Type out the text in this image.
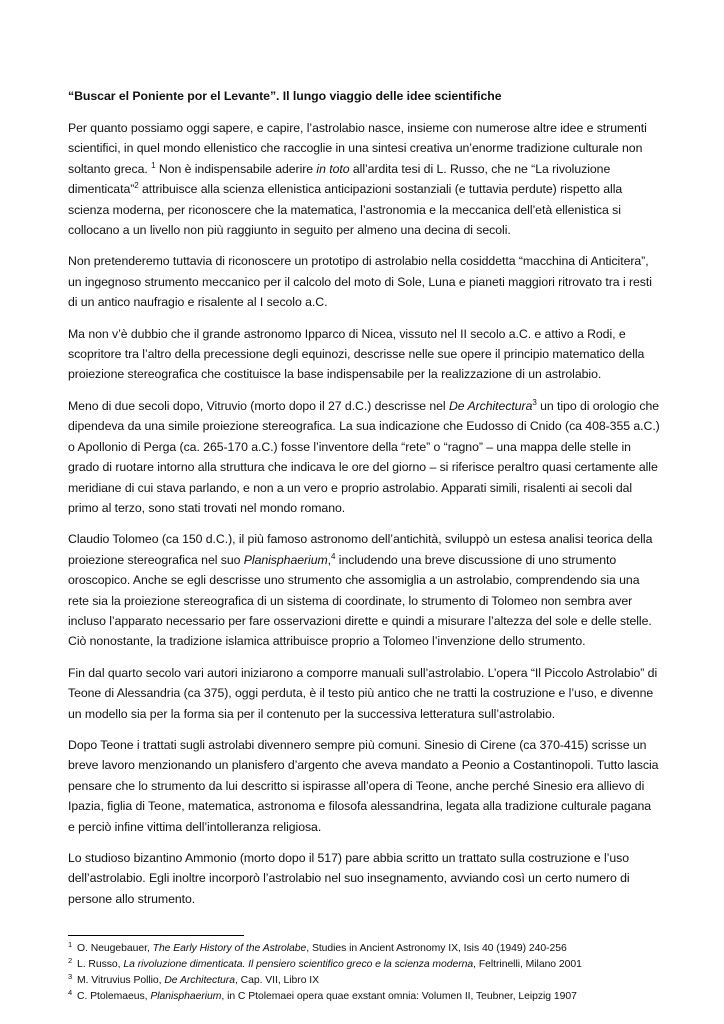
“Buscar el Poniente por el Levante”. Il lungo viaggio delle idee scientifiche

Per quanto possiamo oggi sapere, e capire, l’astrolabio nasce, insieme con numerose altre idee e strumenti scientifici, in quel mondo ellenistico che raccoglie in una sintesi creativa un’enorme tradizione culturale non soltanto greca. $^1$ Non è indispensabile aderire in toto all’ardita tesi di L. Russo, che ne “La rivoluzione dimenticata”$^2$ attribuisce alla scienza ellenistica anticipazioni sostanziali (e tuttavia perdute) rispetto alla scienza moderna, per riconoscere che la matematica, l’astronomia e la meccanica dell’età ellenistica si collocano a un livello non più raggiunto in seguito per almeno una decina di secoli.

Non pretenderemo tuttavia di riconoscere un prototipo di astrolabio nella cosiddetta “macchina di Anticitera”, un ingegnoso strumento meccanico per il calcolo del moto di Sole, Luna e pianeti maggiori ritrovato tra i resti di un antico naufragio e risalente al I secolo a.C.

Ma non v’è dubbio che il grande astronomo Ipparco di Nicea, vissuto nel II secolo a.C. e attivo a Rodi, e scopritore tra l’altro della precessione degli equinozi, descrisse nelle sue opere il principio matematico della proiezione stereografica che costituisce la base indispensabile per la realizzazione di un astrolabio.

Meno di due secoli dopo, Vitruvio (morto dopo il 27 d.C.) descrisse nel De Architectura$^3$ un tipo di orologio che dipendeva da una simile proiezione stereografica. La sua indicazione che Eudosso di Cnido (ca 408-355 a.C.) o Apollonio di Perga (ca. 265-170 a.C.) fosse l’inventore della “rete” o “ragno” – una mappa delle stelle in grado di ruotare intorno alla struttura che indicava le ore del giorno – si riferisce peraltro quasi certamente alle meridiane di cui stava parlando, e non a un vero e proprio astrolabio. Apparati simili, risalenti ai secoli dal primo al terzo, sono stati trovati nel mondo romano.

Claudio Tolomeo (ca 150 d.C.), il più famoso astronomo dell’antichità, sviluppò un estesa analisi teorica della proiezione stereografica nel suo Planisphaerium,$^4$ includendo una breve discussione di uno strumento oroscopico. Anche se egli descrisse uno strumento che assomiglia a un astrolabio, comprendendo sia una rete sia la proiezione stereografica di un sistema di coordinate, lo strumento di Tolomeo non sembra aver incluso l’apparato necessario per fare osservazioni dirette e quindi a misurare l’altezza del sole e delle stelle. Ciò nonostante, la tradizione islamica attribuisce proprio a Tolomeo l’invenzione dello strumento.

Fin dal quarto secolo vari autori iniziarono a comporre manuali sull’astrolabio. L’opera “Il Piccolo Astrolabio” di Teone di Alessandria (ca 375), oggi perduta, è il testo più antico che ne tratti la costruzione e l’uso, e divenne un modello sia per la forma sia per il contenuto per la successiva letteratura sull’astrolabio.

Dopo Teone i trattati sugli astrolabi divennero sempre più comuni. Sinesio di Cirene (ca 370-415) scrisse un breve lavoro menzionando un planisfero d’argento che aveva mandato a Peonio a Costantinopoli. Tutto lascia pensare che lo strumento da lui descritto si ispirasse all’opera di Teone, anche perché Sinesio era allievo di Ipazia, figlia di Teone, matematica, astronoma e filosofa alessandrina, legata alla tradizione culturale pagana e perciò infine vittima dell’intolleranza religiosa.

Lo studioso bizantino Ammonio (morto dopo il 517) pare abbia scritto un trattato sulla costruzione e l’uso dell’astrolabio. Egli inoltre incorporò l’astrolabio nel suo insegnamento, avviando così un certo numero di persone allo strumento.

$^1$ O. Neugebauer, The Early History of the Astrolabe, Studies in Ancient Astronomy IX, Isis 40 (1949) 240-256

$^2$ L. Russo, La rivoluzione dimenticata. Il pensiero scientifico greco e la scienza moderna, Feltrinelli, Milano 2001

$^3$ M. Vitruvius Pollio, De Architectura, Cap. VII, Libro IX

$^4$ C. Ptolemaeus, Planisphaerium, in C Ptolemaei opera quae exstant omnia: Volumen II, Teubner, Leipzig 1907
